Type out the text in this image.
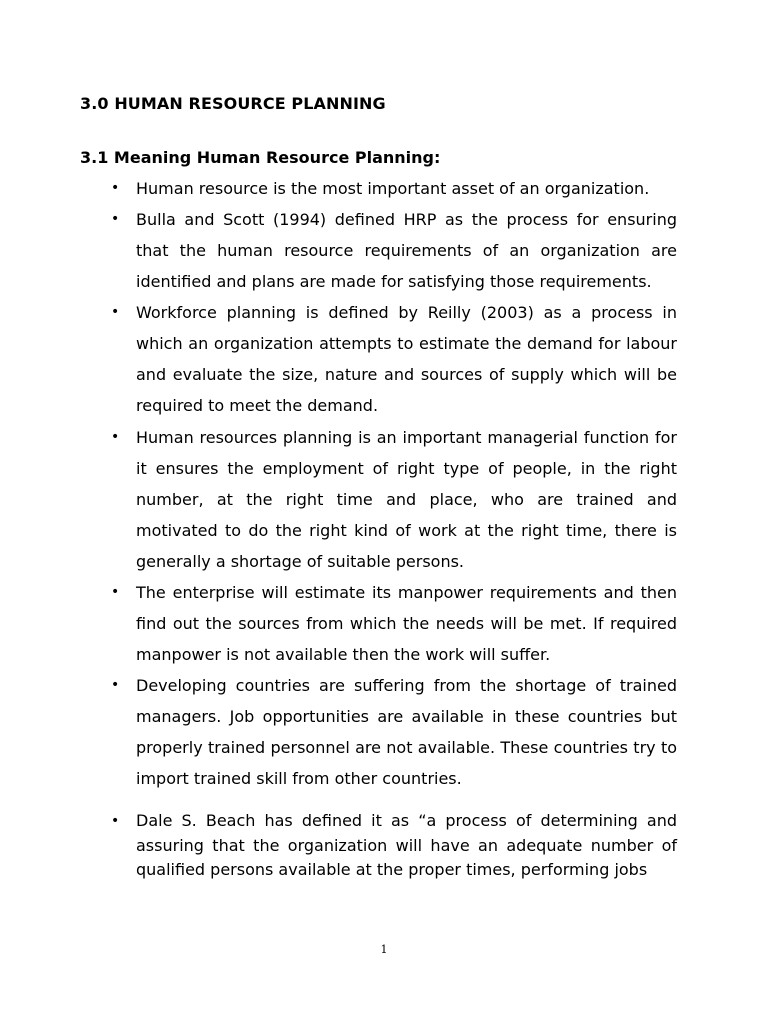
3.0 HUMAN RESOURCE PLANNING
3.1 Meaning Human Resource Planning:
• Human resource is the most important asset of an organization.
• Bulla and Scott (1994) defined HRP as the process for ensuring that the human resource requirements of an organization are identified and plans are made for satisfying those requirements.
• Workforce planning is defined by Reilly (2003) as a process in which an organization attempts to estimate the demand for labour and evaluate the size, nature and sources of supply which will be required to meet the demand.
• Human resources planning is an important managerial function for it ensures the employment of right type of people, in the right number, at the right time and place, who are trained and motivated to do the right kind of work at the right time, there is generally a shortage of suitable persons.
• The enterprise will estimate its manpower requirements and then find out the sources from which the needs will be met. If required manpower is not available then the work will suffer.
• Developing countries are suffering from the shortage of trained managers. Job opportunities are available in these countries but properly trained personnel are not available. These countries try to import trained skill from other countries.
• Dale S. Beach has defined it as “a process of determining and assuring that the organization will have an adequate number of qualified persons available at the proper times, performing jobs
1
